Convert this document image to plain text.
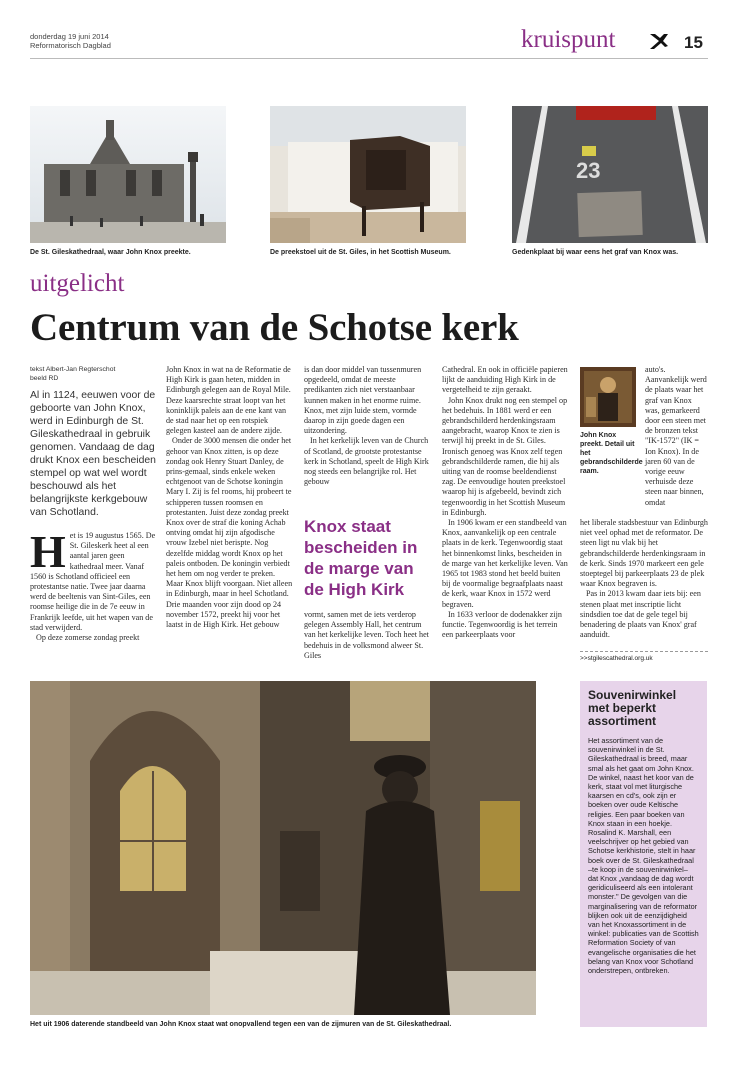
donderdag 19 juni 2014
Reformatorisch Dagblad	kruispunt	15
De St. Gileskathedraal, waar John Knox preekte.	De preekstoel uit de St. Giles, in het Scottish Museum.
23
Gedenkplaat bij waar eens het graf van Knox was.
uitgelicht
Centrum van de Schotse kerk
tekst Albert-Jan Regterschot
beeld RD
Al in 1124, eeuwen voor de geboorte van John Knox, werd in Edinburgh de St. Gileskathedraal in gebruik genomen. Vandaag de dag drukt Knox een bescheiden stempel op wat wel wordt beschouwd als het belangrijkste kerkgebouw van Schotland.
H et is 19 augustus 1565. De St. Gileskerk heet al een aantal jaren geen kathedraal meer. Vanaf 1560 is Schotland officieel een protestantse natie. Twee jaar daarna werd de beeltenis van Sint-Giles, een roomse heilige die in de 7e eeuw in Frankrijk leefde, uit het wapen van de stad verwijderd.

Op deze zomerse zondag preekt

John Knox in wat na de Reformatie de High Kirk is gaan heten, midden in Edinburgh gelegen aan de Royal Mile. Deze kaarsrechte straat loopt van het koninklijk paleis aan de ene kant van de stad naar het op een rotspiek gelegen kasteel aan de andere zijde.

Onder de 3000 mensen die onder het gehoor van Knox zitten, is op deze zondag ook Henry Stuart Danley, de prins-gemaal, sinds enkele weken echtgenoot van de Schotse koningin Mary I. Zij is fel rooms, hij probeert te schipperen tussen roomsen en protestanten. Juist deze zondag preekt Knox over de straf die koning Achab ontving omdat hij zijn afgodische vrouw Izebel niet berispte. Nog dezelfde middag wordt Knox op het paleis ontboden. De koningin verbiedt het hem om nog verder te preken. Maar Knox blijft voorgaan. Niet alleen in Edinburgh, maar in heel Schotland. Drie maanden voor zijn dood op 24 november 1572, preekt hij voor het laatst in de High Kirk. Het gebouw

is dan door middel van tussenmuren opgedeeld, omdat de meeste predikanten zich niet verstaanbaar kunnen maken in het enorme ruime. Knox, met zijn luide stem, vormde daarop in zijn goede dagen een uitzondering.

In het kerkelijk leven van de Church of Scotland, de grootste protestantse kerk in Schotland, speelt de High Kirk nog steeds een belangrijke rol. Het gebouw

Knox staat bescheiden in de marge van de High Kirk

vormt, samen met de iets verderop gelegen Assembly Hall, het centrum van het kerkelijke leven. Toch heet het bedehuis in de volksmond alweer St. Giles

Cathedral. En ook in officiële papieren lijkt de aanduiding High Kirk in de vergetelheid te zijn geraakt.

John Knox drukt nog een stempel op het bedehuis. In 1881 werd er een gebrandschilderd herdenkingsraam aangebracht, waarop Knox te zien is terwijl hij preekt in de St. Giles. Ironisch genoeg was Knox zelf tegen gebrandschilderde ramen, die hij als uiting van de roomse beeldendienst zag. De eenvoudige houten preekstoel waarop hij is afgebeeld, bevindt zich tegenwoordig in het Scottish Museum in Edinburgh.

In 1906 kwam er een standbeeld van Knox, aanvankelijk op een centrale plaats in de kerk. Tegenwoordig staat het binnenkomst links, bescheiden in de marge van het kerkelijke leven. Van 1965 tot 1983 stond het beeld buiten bij de voormalige begraafplaats naast de kerk, waar Knox in 1572 werd begraven.

In 1633 verloor de dodenakker zijn functie. Tegenwoordig is het terrein een parkeerplaats voor

John Knox preekt. Detail uit het gebrandschilderde raam.

auto's. Aanvankelijk werd de plaats waar het graf van Knox was, gemarkeerd door een steen met de bronzen tekst "IK-1572" (IK = Ion Knox). In de jaren 60 van de vorige eeuw verhuisde deze steen naar binnen, omdat

het liberale stadsbestuur van Edinburgh niet veel ophad met de reformator. De steen ligt nu vlak bij het gebrandschilderde herdenkingsraam in de kerk. Sinds 1970 markeert een gele stoeptegel bij parkeerplaats 23 de plek waar Knox begraven is.

Pas in 2013 kwam daar iets bij: een stenen plaat met inscriptie licht sindsdien toe dat de gele tegel bij benadering de plaats van Knox' graf aanduidt.

>>stgilescathedral.org.uk
Het uit 1906 daterende standbeeld van John Knox staat wat onopvallend tegen een van de zijmuren van de St. Gileskathedraal.
Souvenirwinkel met beperkt assortiment
Het assortiment van de souvenirwinkel in de St. Gileskathedraal is breed, maar smal als het gaat om John Knox. De winkel, naast het koor van de kerk, staat vol met liturgische kaarsen en cd's, ook zijn er boeken over oude Keltische religies. Een paar boeken van Knox staan in een hoekje. Rosalind K. Marshall, een veelschrijver op het gebied van Schotse kerkhistorie, stelt in haar boek over de St. Gileskathedraal –te koop in de souvenirwinkel– dat Knox „vandaag de dag wordt geridiculiseerd als een intolerant monster." De gevolgen van die marginalisering van de reformator blijken ook uit de eenzijdigheid van het Knoxassortiment in de winkel: publicaties van de Scottish Reformation Society of van evangelische organisaties die het belang van Knox voor Schotland onderstrepen, ontbreken.
